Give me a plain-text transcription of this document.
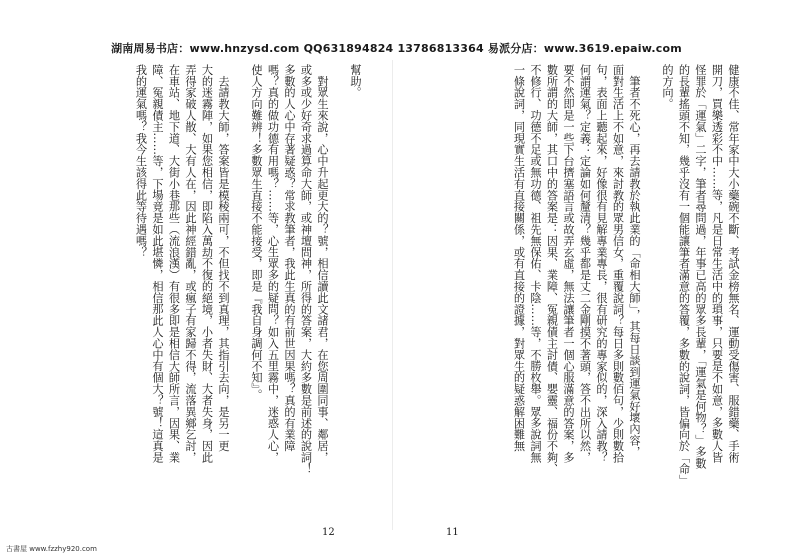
湖南周易书店：www.hnzysd.com QQ631894824 13786813364 易派分店：www.3619.epaiw.com
健康不佳、常年家中大小藥碗不斷、考試金榜無名、運動受傷害、服錯藥、手術
開刀，買樂透彩不中……等，凡是日常生活中的瑣事，只要是不如意，多數人皆
怪罪於「運氣」二字，筆者尋問過，年事已高的眾多長輩，「運氣是何物？」多數
的長輩搖頭不知，幾乎沒有一個能讓筆者滿意的答覆，多數的說詞，皆偏向於「命」
的方向。
　筆者不死心，再去請教於執此業的「命相大師」，其每日談到運氣好壞內容，
面對生活上不如意，來討教的眾男信女，重覆說詞？每日多則數佰句，少則數拾
句，表面上聽起來，好像很有見解專業專長，很有研究的專家似的，深入請教？
何謂運氣？定義：定論如何釐清？幾乎都是丈二金剛摸不著頭，答不出所以然，
要不然即是一些下台擠塞語言或故弄玄虛，無法讓筆者一個心服滿意的答案，多
數所謂的大師，其口中的答案是：因果、業障、冤親債主討債、嬰靈、福份不夠、
不修行、功德不足或無功德、祖先無保佑、卡陰……等，不勝枚舉。眾多說詞無
一條說詞，同現實生活有直接關係，或有直接的證據，對眾生的疑惑解困難無
幫助。
　對眾生來說，心中升起更大的？號，相信讀此文諸君，在您周圍同事、鄰居，
或多或少好奇求過算命大師，或神壇問神，所得的答案，大約多數是前述的說詞！
多數的人心中存著疑惑？常求教筆者，我此生真的有前世因果嗎？真的有業障
嗎？真的做功德有用嗎？……等，心生眾多的疑問？如入五里霧中，迷惑人心，
使人方向難辨！多數眾生直接不能接受，即是『我自身調何不知』。
　去請教大師，答案皆是模稜兩可，不但找不到真理，其指引去向，是另一更
大的迷霧陣，如果您相信，即陷入萬劫不復的絕境，小者失財、大者失身，因此
弄得家破人散、大有人在，因此神經錯亂，或瘋子有家歸不得，流落異鄉乞討，
在車站、地下道、大街小巷那些（流浪漢）有很多即是相信大師所言，因果、業
障、冤親債主……等，下場竟是如此堪憐，相信那此人心中有個大？號！這真是
我的運氣嗎？我今生該得此等待遇嗎？
12	11
古書屋 www.fzzhy920.com
